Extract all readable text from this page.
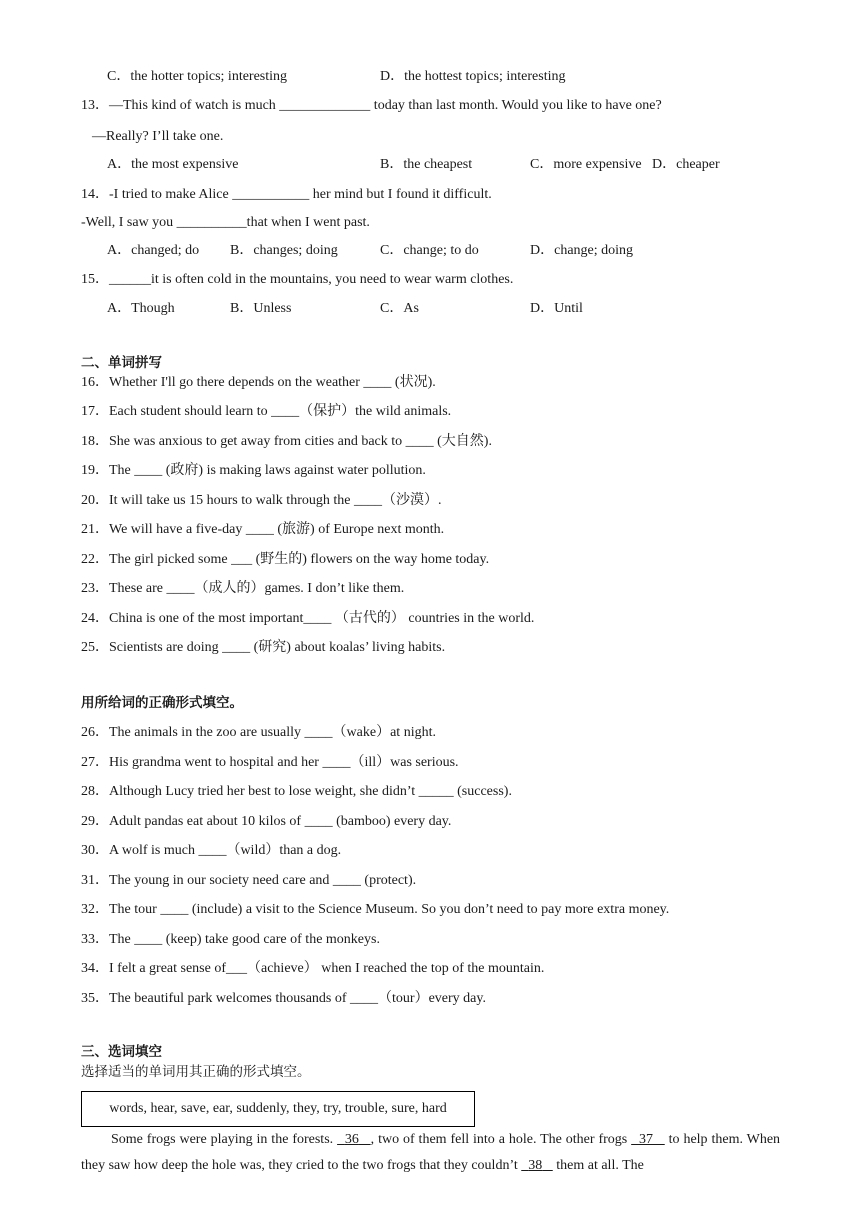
C．the hotter topics; interesting	D．the hottest topics; interesting
13．—This kind of watch is much _____________ today than last month. Would you like to have one?
—Really? I’ll take one.
A．the most expensive	B．the cheapest	C．more expensive D．cheaper
14．-I tried to make Alice ___________ her mind but I found it difficult.
-Well, I saw you __________that when I went past.
A．changed; do B．changes; doing	C．change; to do	D．change; doing
15．______it is often cold in the mountains, you need to wear warm clothes.
A．Though	B．Unless	C．As	D．Until
二、单词拼写
16．Whether I'll go there depends on the weather ____ (状况).
17．Each student should learn to ____（保护）the wild animals.
18．She was anxious to get away from cities and back to ____ (大自然).
19．The ____ (政府) is making laws against water pollution.
20．It will take us 15 hours to walk through the ____（沙漠）.
21．We will have a five-day ____ (旅游) of Europe next month.
22．The girl picked some ___ (野生的) flowers on the way home today.
23．These are ____（成人的）games. I don’t like them.
24．China is one of the most important____ （古代的） countries in the world.
25．Scientists are doing ____ (研究) about koalas’ living habits.
用所给词的正确形式填空。
26．The animals in the zoo are usually ____（wake）at night.
27．His grandma went to hospital and her ____（ill）was serious.
28．Although Lucy tried her best to lose weight, she didn’t _____ (success).
29．Adult pandas eat about 10 kilos of ____ (bamboo) every day.
30．A wolf is much ____（wild）than a dog.
31．The young in our society need care and ____ (protect).
32．The tour ____ (include) a visit to the Science Museum. So you don’t need to pay more extra money.
33．The ____ (keep) take good care of the monkeys.
34．I felt a great sense of___（achieve） when I reached the top of the mountain.
35．The beautiful park welcomes thousands of ____（tour）every day.
三、选词填空
选择适当的单词用其正确的形式填空。
words, hear, save, ear, suddenly, they, try, trouble, sure, hard
Some frogs were playing in the forests. 36 , two of them fell into a hole. The other frogs 37 to help them. When they saw how deep the hole was, they cried to the two frogs that they couldn’t 38 them at all. The
